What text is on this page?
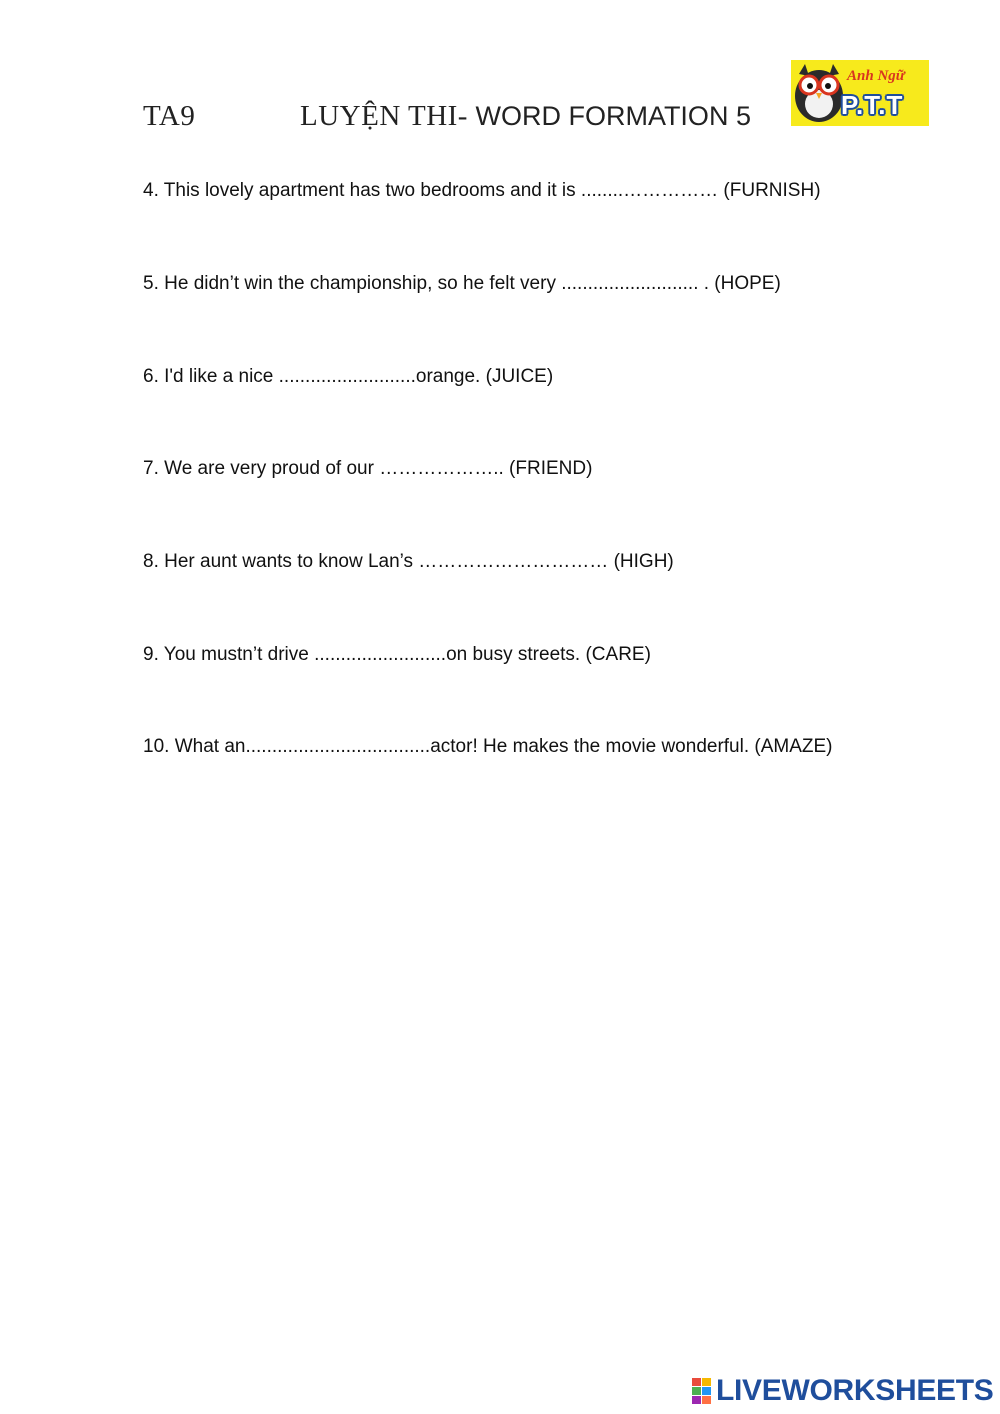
TA9	LUYỆN THI- WORD FORMATION 5
Anh Ngữ
P.T.T
4. This lovely apartment has two bedrooms and it is ........…………… (FURNISH)
5. He didn’t win the championship, so he felt very .......................... . (HOPE)
6. I'd like a nice ..........................orange. (JUICE)
7. We are very proud of our ……………….. (FRIEND)
8. Her aunt wants to know Lan’s ………………………… (HIGH)
9. You mustn’t drive .........................on busy streets. (CARE)
10. What an...................................actor! He makes the movie wonderful. (AMAZE)
LIVEWORKSHEETS
